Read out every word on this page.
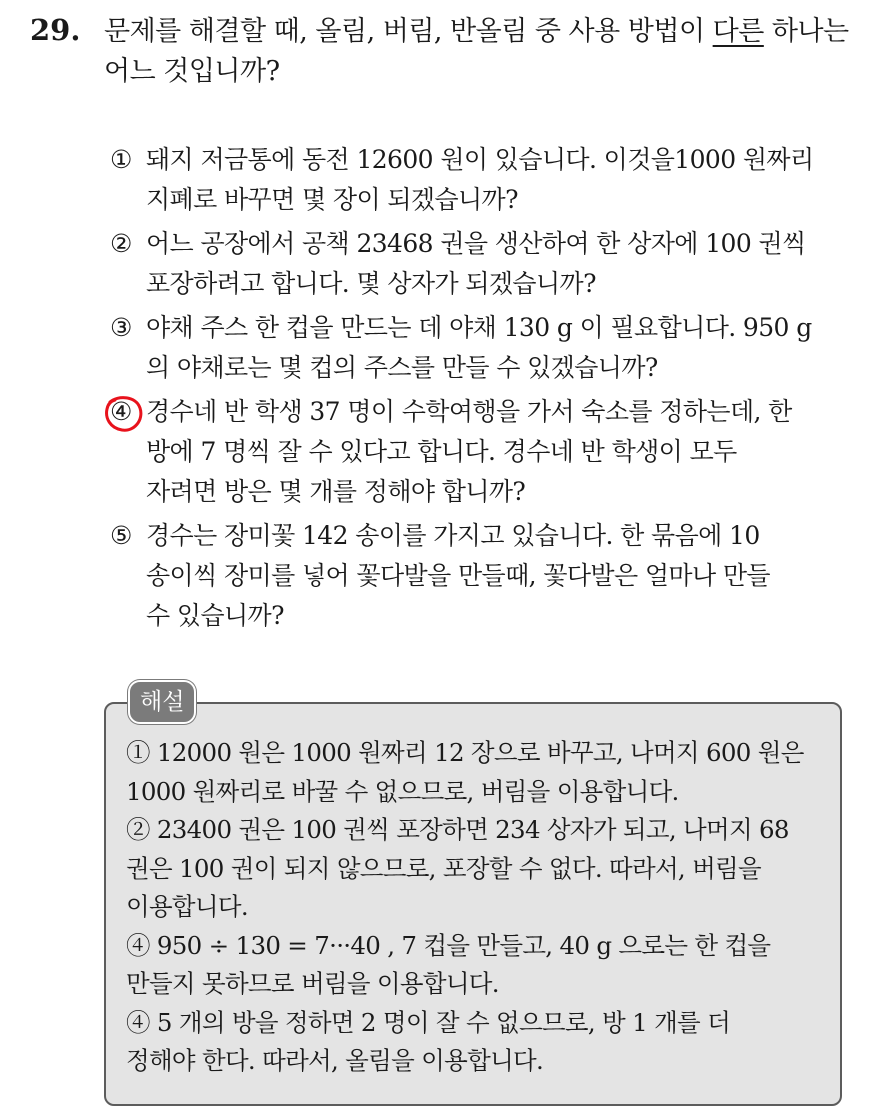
29. 문제를 해결할 때, 올림, 버림, 반올림 중 사용 방법이 다른 하나는
어느 것입니까?
① 돼지 저금통에 동전 12600 원이 있습니다. 이것을1000 원짜리
지폐로 바꾸면 몇 장이 되겠습니까?
② 어느 공장에서 공책 23468 권을 생산하여 한 상자에 100 권씩
포장하려고 합니다. 몇 상자가 되겠습니까?
③ 야채 주스 한 컵을 만드는 데 야채 130 g 이 필요합니다. 950 g
의 야채로는 몇 컵의 주스를 만들 수 있겠습니까?
④ 경수네 반 학생 37 명이 수학여행을 가서 숙소를 정하는데, 한
방에 7 명씩 잘 수 있다고 합니다. 경수네 반 학생이 모두
자려면 방은 몇 개를 정해야 합니까?
⑤ 경수는 장미꽃 142 송이를 가지고 있습니다. 한 묶음에 10
송이씩 장미를 넣어 꽃다발을 만들때, 꽃다발은 얼마나 만들
수 있습니까?
해설
① 12000 원은 1000 원짜리 12 장으로 바꾸고, 나머지 600 원은
1000 원짜리로 바꿀 수 없으므로, 버림을 이용합니다.
② 23400 권은 100 권씩 포장하면 234 상자가 되고, 나머지 68
권은 100 권이 되지 않으므로, 포장할 수 없다. 따라서, 버림을
이용합니다.
④ 950 ÷ 130 = 7···40 , 7 컵을 만들고, 40 g 으로는 한 컵을
만들지 못하므로 버림을 이용합니다.
④ 5 개의 방을 정하면 2 명이 잘 수 없으므로, 방 1 개를 더
정해야 한다. 따라서, 올림을 이용합니다.
